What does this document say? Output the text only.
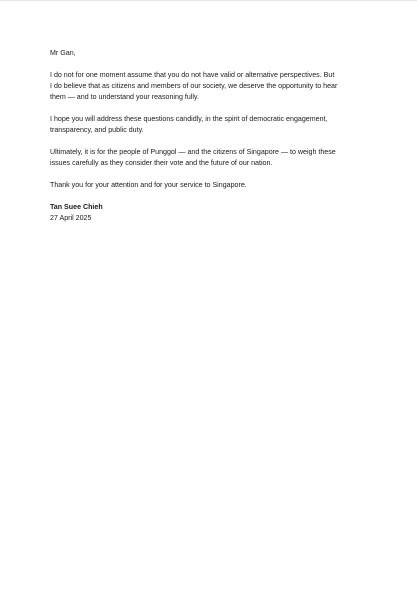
Mr Gan,

I do not for one moment assume that you do not have valid or alternative perspectives. But
I do believe that as citizens and members of our society, we deserve the opportunity to hear
them — and to understand your reasoning fully.

I hope you will address these questions candidly, in the spirit of democratic engagement,
transparency, and public duty.

Ultimately, it is for the people of Punggol — and the citizens of Singapore — to weigh these
issues carefully as they consider their vote and the future of our nation.

Thank you for your attention and for your service to Singapore.

Tan Suee Chieh
27 April 2025
